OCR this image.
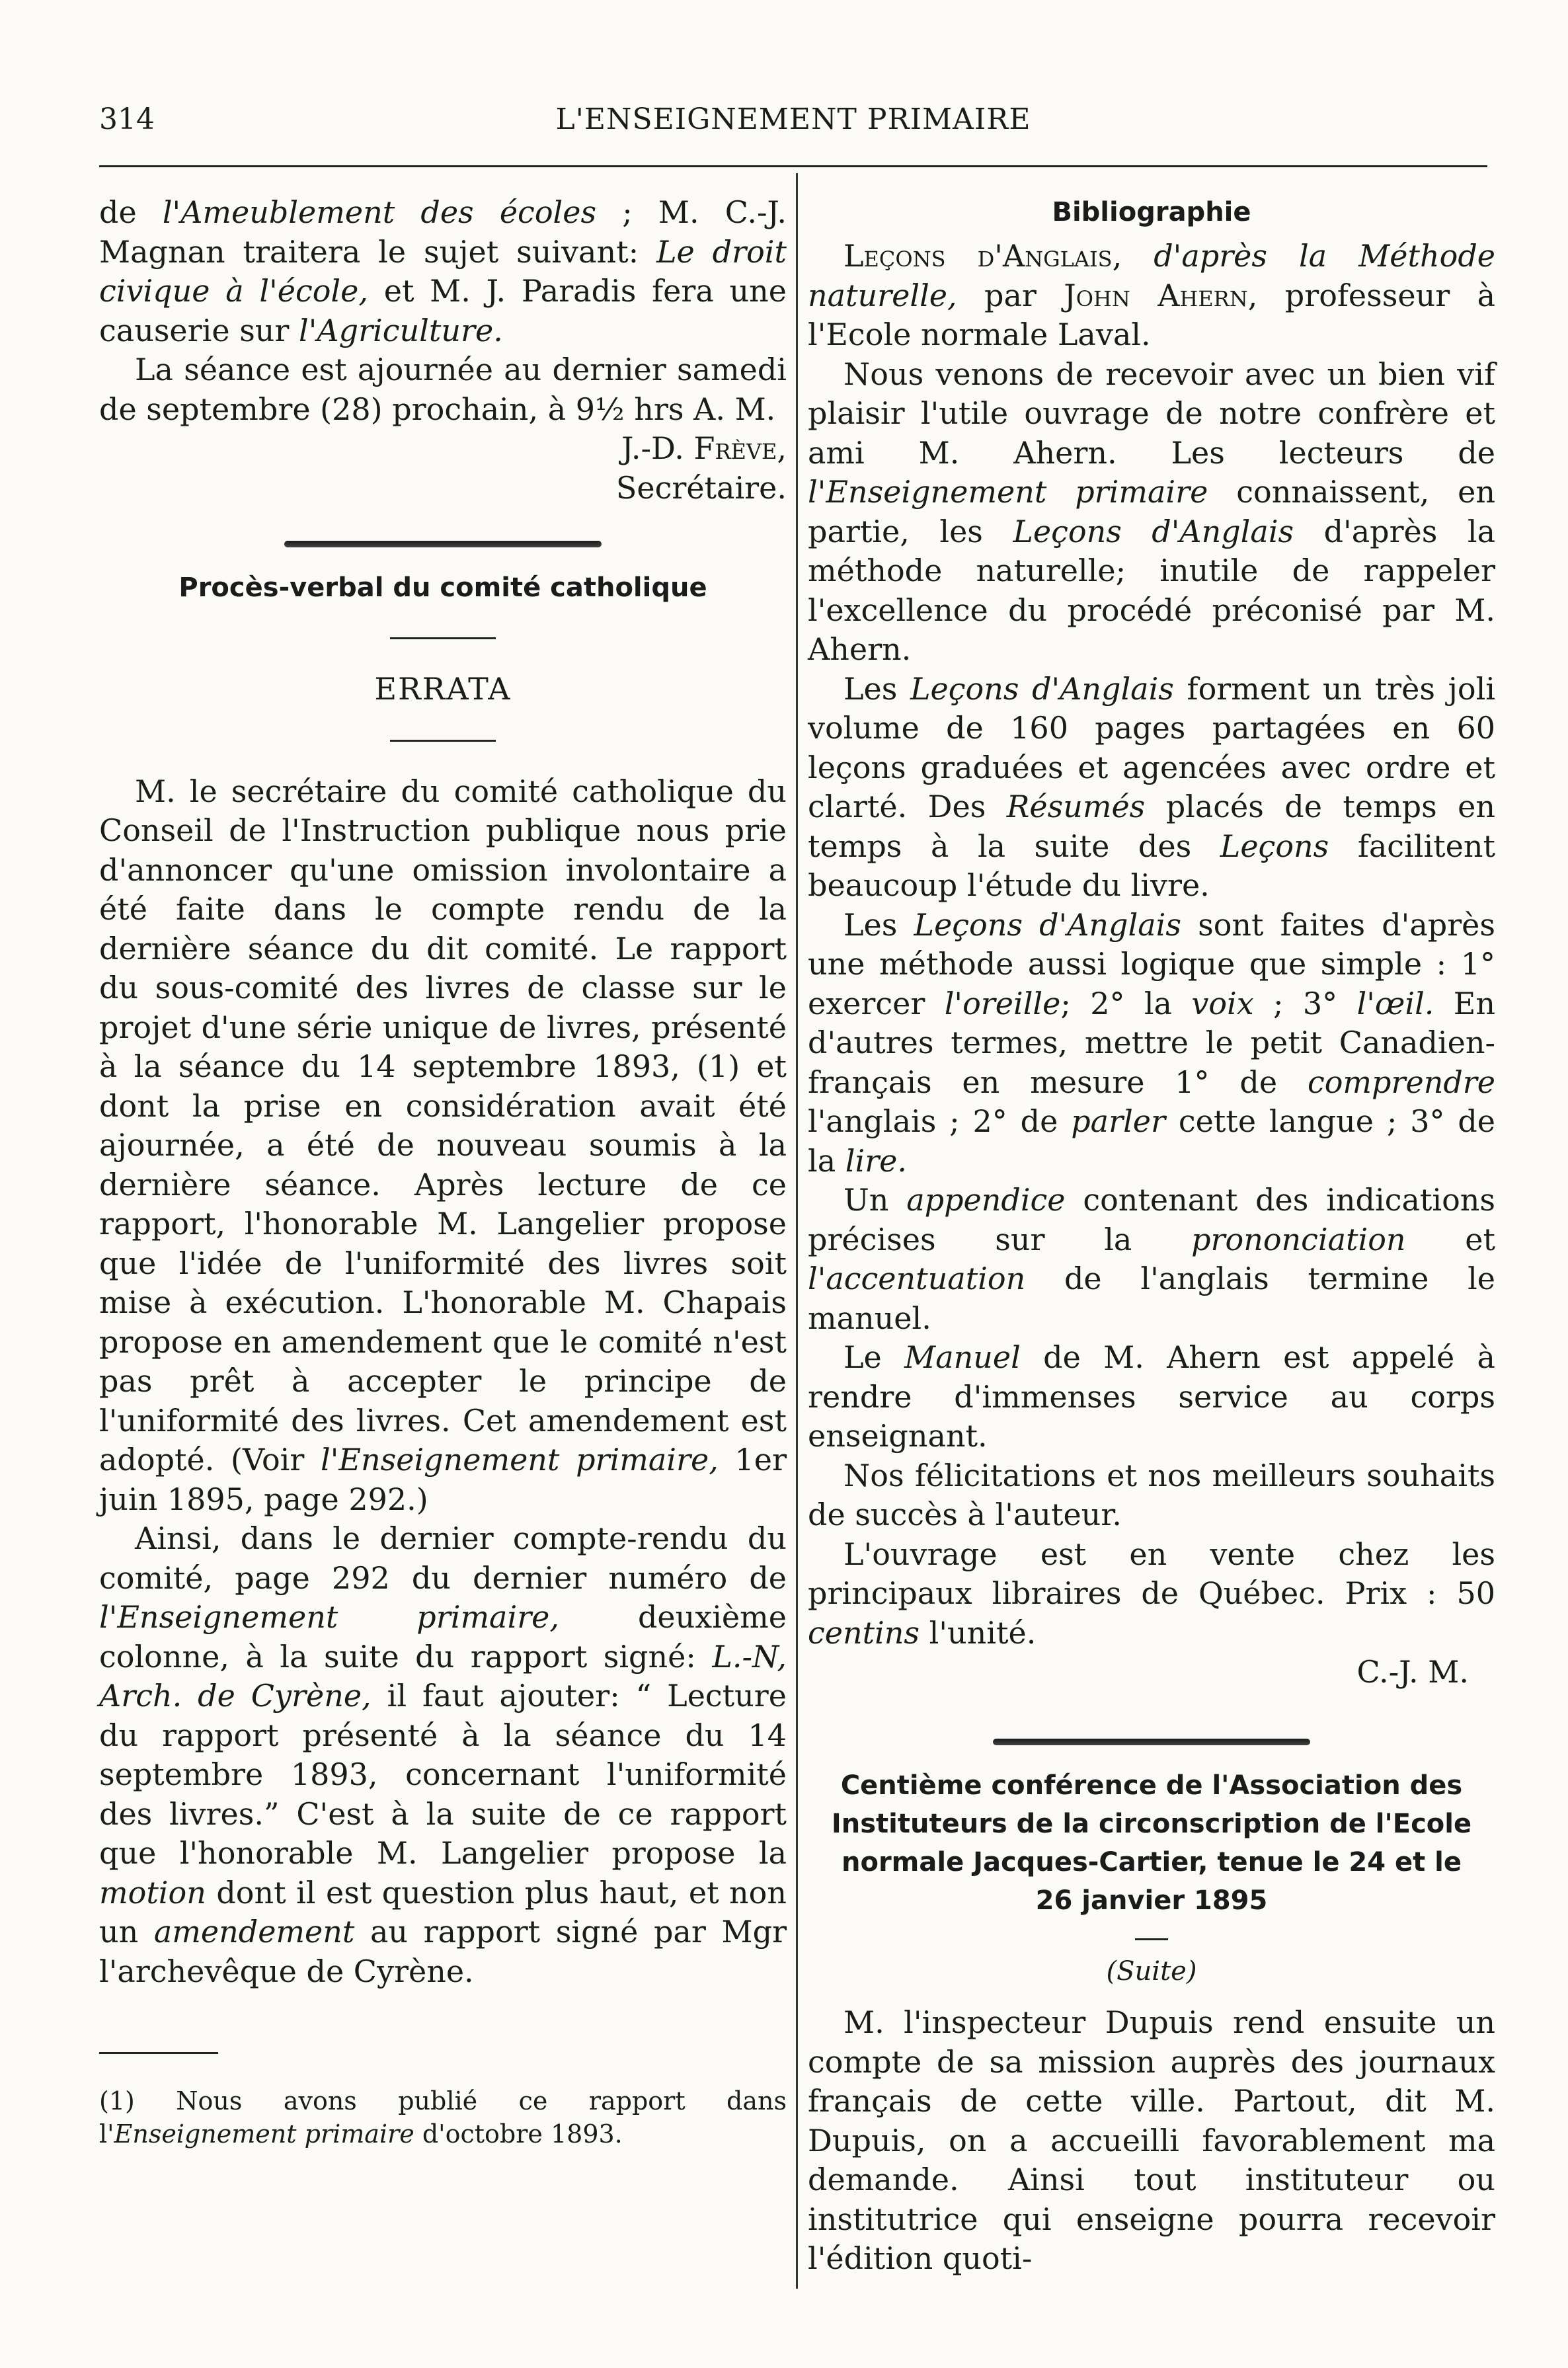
314	L'ENSEIGNEMENT PRIMAIRE

de l'Ameublement des écoles ; M. C.-J. Magnan traitera le sujet suivant: Le droit civique à l'école, et M. J. Paradis fera une causerie sur l'Agriculture.

La séance est ajournée au dernier samedi de septembre (28) prochain, à 9½ hrs A. M.

J.-D. Frève,

Secrétaire.

Procès-verbal du comité catholique

ERRATA

M. le secrétaire du comité catholique du Conseil de l'Instruction publique nous prie d'annoncer qu'une omission involontaire a été faite dans le compte rendu de la dernière séance du dit comité. Le rapport du sous-comité des livres de classe sur le projet d'une série unique de livres, présenté à la séance du 14 septembre 1893, (1) et dont la prise en considération avait été ajournée, a été de nouveau soumis à la dernière séance. Après lecture de ce rapport, l'honorable M. Langelier propose que l'idée de l'uniformité des livres soit mise à exécution. L'honorable M. Chapais propose en amendement que le comité n'est pas prêt à accepter le principe de l'uniformité des livres. Cet amendement est adopté. (Voir l'Enseignement primaire, 1er juin 1895, page 292.)

Ainsi, dans le dernier compte-rendu du comité, page 292 du dernier numéro de l'Enseignement primaire, deuxième colonne, à la suite du rapport signé: L.-N, Arch. de Cyrène, il faut ajouter: “ Lecture du rapport présenté à la séance du 14 septembre 1893, concernant l'uniformité des livres.” C'est à la suite de ce rapport que l'honorable M. Langelier propose la motion dont il est question plus haut, et non un amendement au rapport signé par Mgr l'archevêque de Cyrène.

(1) Nous avons publié ce rapport dans l'Enseignement primaire d'octobre 1893.

Bibliographie

Leçons d'Anglais, d'après la Méthode naturelle, par John Ahern, professeur à l'Ecole normale Laval.

Nous venons de recevoir avec un bien vif plaisir l'utile ouvrage de notre confrère et ami M. Ahern. Les lecteurs de l'Enseignement primaire connaissent, en partie, les Leçons d'Anglais d'après la méthode naturelle; inutile de rappeler l'excellence du procédé préconisé par M. Ahern.

Les Leçons d'Anglais forment un très joli volume de 160 pages partagées en 60 leçons graduées et agencées avec ordre et clarté. Des Résumés placés de temps en temps à la suite des Leçons facilitent beaucoup l'étude du livre.

Les Leçons d'Anglais sont faites d'après une méthode aussi logique que simple : 1° exercer l'oreille; 2° la voix ; 3° l'œil. En d'autres termes, mettre le petit Canadien-français en mesure 1° de comprendre l'anglais ; 2° de parler cette langue ; 3° de la lire.

Un appendice contenant des indications précises sur la prononciation et l'accentuation de l'anglais termine le manuel.

Le Manuel de M. Ahern est appelé à rendre d'immenses service au corps enseignant.

Nos félicitations et nos meilleurs souhaits de succès à l'auteur.

L'ouvrage est en vente chez les principaux libraires de Québec. Prix : 50 centins l'unité.

C.-J. M.

Centième conférence de l'Association des Instituteurs de la circonscription de l'Ecole normale Jacques-Cartier, tenue le 24 et le 26 janvier 1895

(Suite)

M. l'inspecteur Dupuis rend ensuite un compte de sa mission auprès des journaux français de cette ville. Partout, dit M. Dupuis, on a accueilli favorablement ma demande. Ainsi tout instituteur ou institutrice qui enseigne pourra recevoir l'édition quoti-
